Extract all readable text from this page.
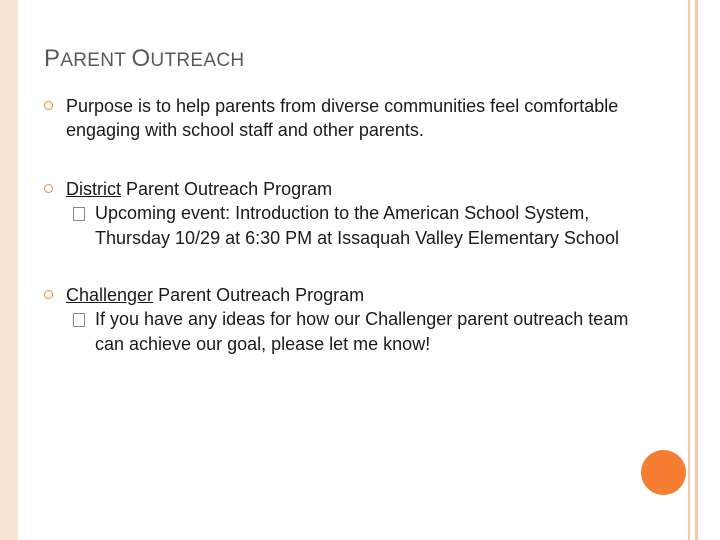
PARENT OUTREACH
Purpose is to help parents from diverse communities feel comfortable engaging with school staff and other parents.
District Parent Outreach Program
Upcoming event: Introduction to the American School System, Thursday 10/29 at 6:30 PM at Issaquah Valley Elementary School
Challenger Parent Outreach Program
If you have any ideas for how our Challenger parent outreach team can achieve our goal, please let me know!
